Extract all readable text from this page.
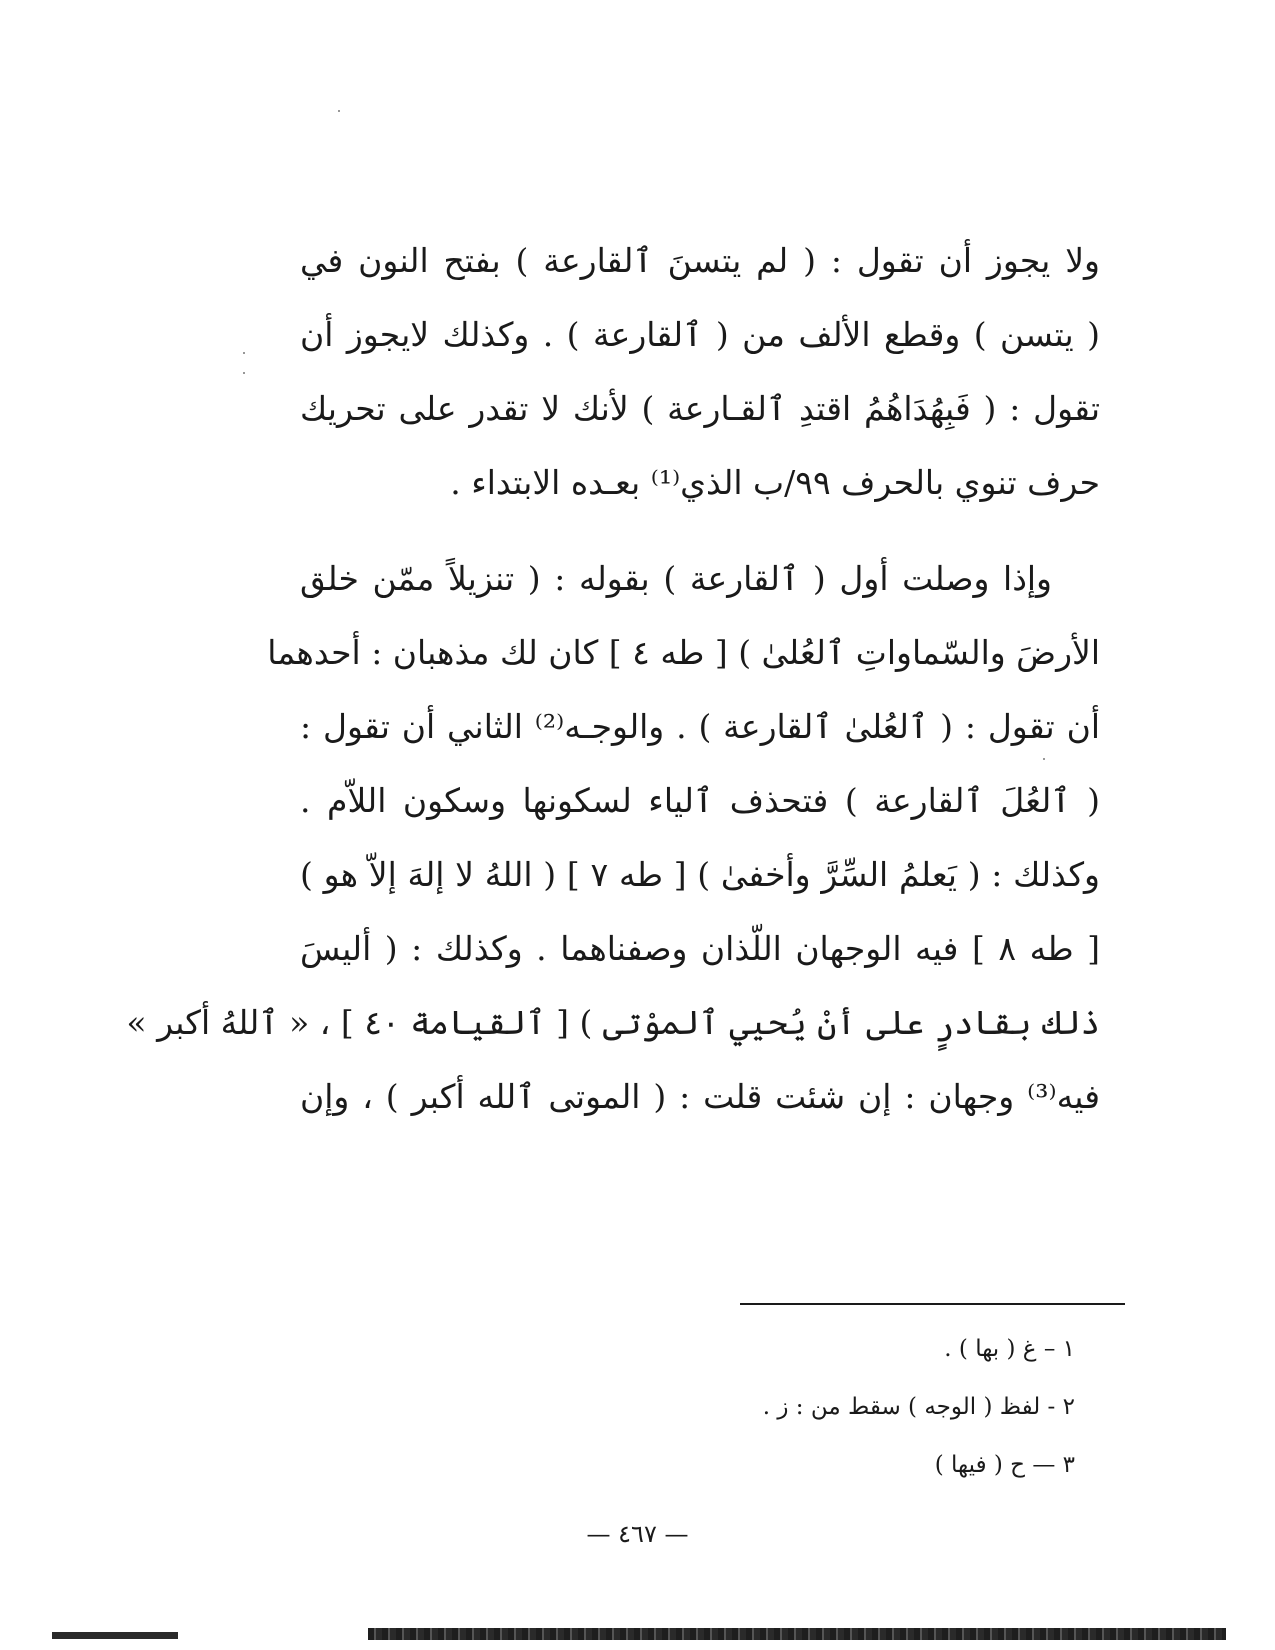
ولا يجوز أن تقول : ( لم يتسنَ ٱلقارعة ) بفتح النون في
( يتسن ) وقطع الألف من ( ٱلقارعة ) . وكذلك لايجوز أن
تقول : ( فَبِهُدَاهُمُ اقتدِ ٱلقـارعة ) لأنك لا تقدر على تحريك
حرف تنوي بالحرف ٩٩/ب الذي⁽¹⁾ بعـده الابتداء .
وإذا وصلت أول ( ٱلقارعة ) بقوله : ( تنزيلاً ممّن خلق
الأرضَ والسّماواتِ ٱلعُلىٰ ) [ طه ٤ ] كان لك مذهبان : أحدهما
أن تقول : ( ٱلعُلىٰ ٱلقارعة ) . والوجـه⁽²⁾ الثاني أن تقول :
( ٱلعُلَ ٱلقارعة ) فتحذف ٱلياء لسكونها وسكون اللاّم .
وكذلك : ( يَعلمُ السِّرَّ وأخفىٰ ) [ طه ٧ ] ( اللهُ لا إلهَ إلاّ هو )
[ طه ٨ ] فيه الوجهان اللّذان وصفناهما . وكذلك : ( أليسَ
ذلك بقادرٍ على أنْ يُحيي ٱلموْتى ) [ ٱلقيامة ٤٠ ] ، « ٱللهُ أكبر »
فيه⁽³⁾ وجهان : إن شئت قلت : ( الموتى ٱلله أكبر ) ، وإن
١ – غ ( بها ) .
٢ - لفظ ( الوجه ) سقط من : ز .
٣ — ح ( فيها )
— ٤٦٧ —
